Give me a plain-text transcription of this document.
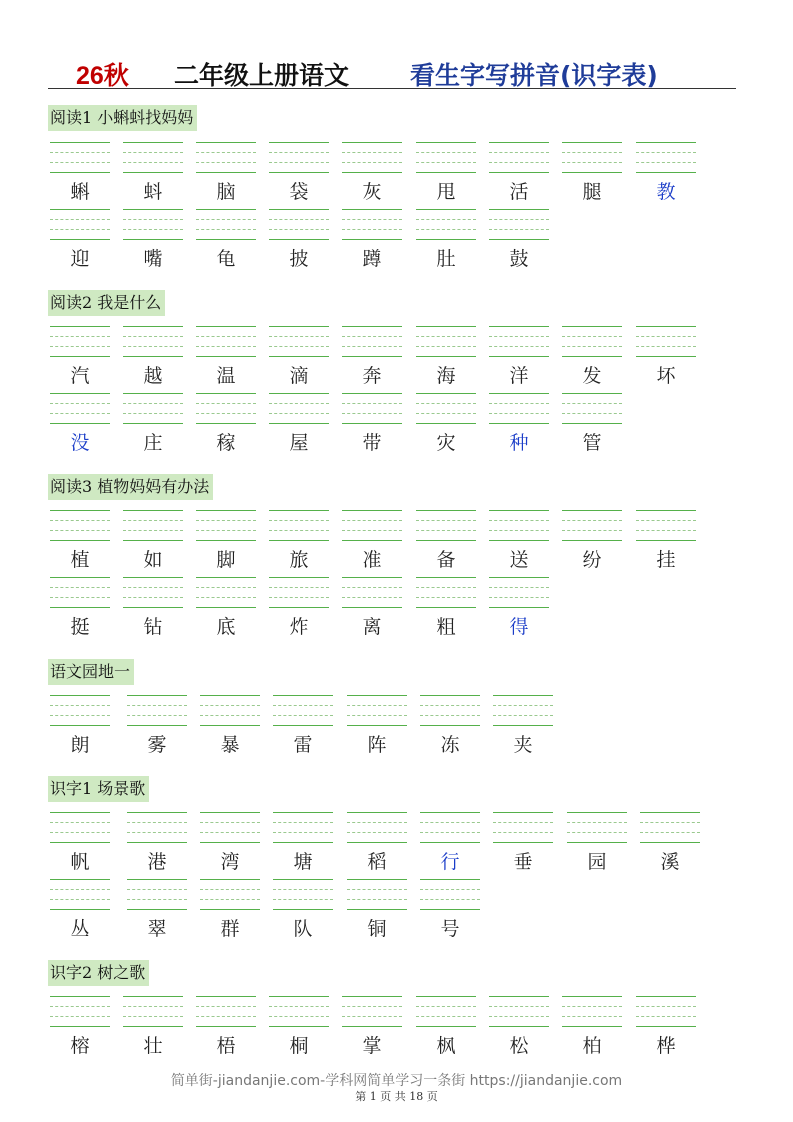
26秋 二年级上册语文 看生字写拼音(识字表)
阅读1 小蝌蚪找妈妈
蝌	蚪	脑	袋	灰	甩	活	腿	教
迎	嘴	龟	披	蹲	肚	鼓
阅读2 我是什么
汽	越	温	滴	奔	海	洋	发	坏
没	庄	稼	屋	带	灾	种	管
阅读3 植物妈妈有办法
植	如	脚	旅	准	备	送	纷	挂
挺	钻	底	炸	离	粗	得
语文园地一
朗	雾	暴	雷	阵	冻	夹
识字1 场景歌
帆	港	湾	塘	稻	行	垂	园	溪
丛	翠	群	队	铜	号
识字2 树之歌
榕	壮	梧	桐	掌	枫	松	柏	桦
简单街-jiandanjie.com-学科网简单学习一条街 https://jiandanjie.com
第 1 页 共 18 页
